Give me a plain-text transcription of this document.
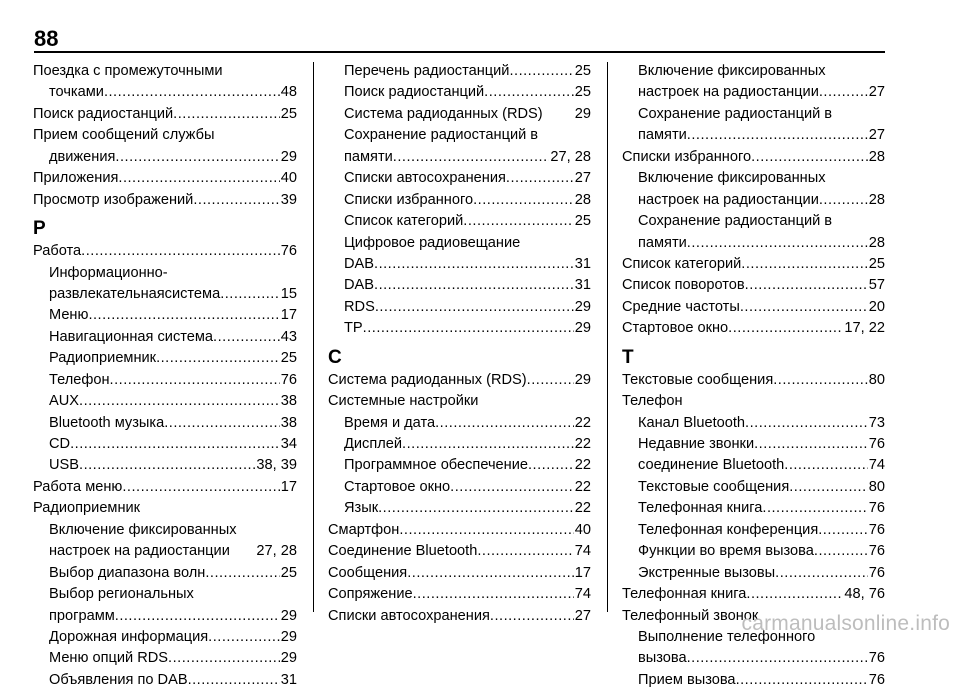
88
Поездка с промежуточными
точками .....	48
Поиск радиостанций .....	25
Прием сообщений службы
движения .....	29
Приложения .....	40
Просмотр изображений .....	39
Р
Работа .....	76
Информационно-
развлекательнаясистема .....	15
Меню .....	17
Навигационная система .....	43
Радиоприемник .....	25
Телефон .....	76
AUX .....	38
Bluetooth музыка .....	38
CD .....	34
USB .....	38, 39
Работа меню .....	17
Радиоприемник
Включение фиксированных
настроек на радиостанции 27, 28
Выбор диапазона волн .....	25
Выбор региональных
программ .....	29
Дорожная информация .....	29
Меню опций RDS .....	29
Объявления по DAB .....	31
Перечень радиостанций .....	25
Поиск радиостанций .....	25
Система радиоданных (RDS) 29
Сохранение радиостанций в
памяти .....	27, 28
Списки автосохранения .....	27
Списки избранного .....	28
Список категорий .....	25
Цифровое радиовещание
DAB .....	31
DAB .....	31
RDS .....	29
TP .....	29
С
Система радиоданных (RDS) .....	29
Системные настройки
Время и дата .....	22
Дисплей .....	22
Программное обеспечение .....	22
Стартовое окно .....	22
Язык .....	22
Смартфон .....	40
Соединение Bluetooth .....	74
Сообщения .....	17
Сопряжение .....	74
Списки автосохранения .....	27
Включение фиксированных
настроек на радиостанции .....	27
Сохранение радиостанций в
памяти .....	27
Списки избранного .....	28
Включение фиксированных
настроек на радиостанции .....	28
Сохранение радиостанций в
памяти .....	28
Список категорий .....	25
Список поворотов .....	57
Средние частоты .....	20
Стартовое окно .....	17, 22
Т
Текстовые сообщения .....	80
Телефон
Канал Bluetooth .....	73
Недавние звонки .....	76
соединение Bluetooth .....	74
Текстовые сообщения .....	80
Телефонная книга .....	76
Телефонная конференция .....	76
Функции во время вызова .....	76
Экстренные вызовы .....	76
Телефонная книга .....	48, 76
Телефонный звонок
Выполнение телефонного
вызова .....	76
Прием вызова .....	76
carmanualsonline.info
